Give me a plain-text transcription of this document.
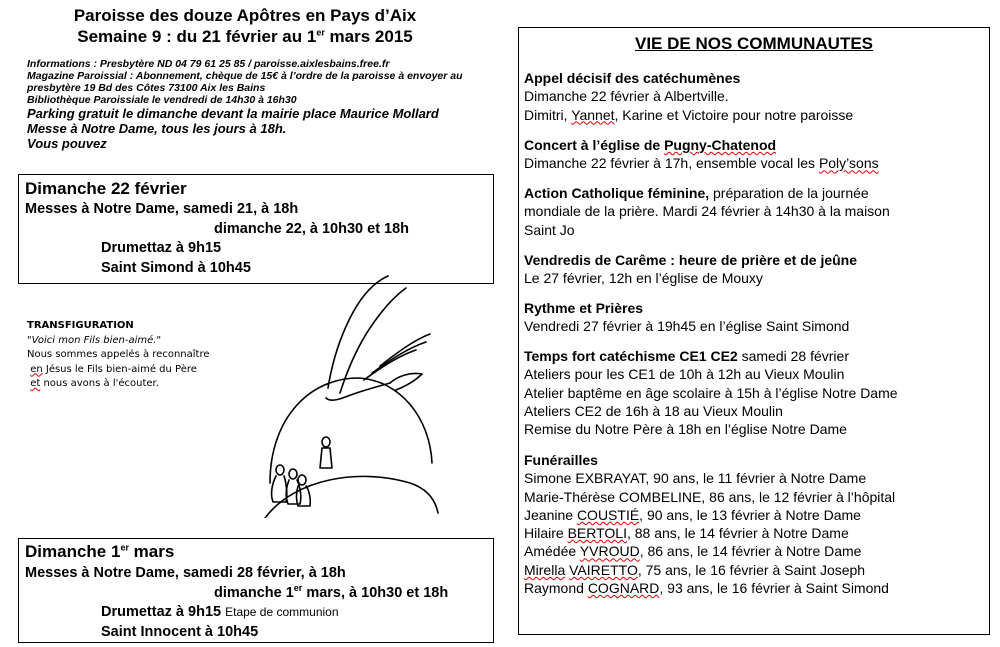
Paroisse des douze Apôtres en Pays d’Aix
Semaine 9 : du 21 février au 1er mars 2015
Informations : Presbytère ND 04 79 61 25 85 / paroisse.aixlesbains.free.fr
Magazine Paroissial : Abonnement, chèque de 15€ à l’ordre de la paroisse à envoyer au
presbytère 19 Bd des Côtes 73100 Aix les Bains
Bibliothèque Paroissiale le vendredi de 14h30 à 16h30
Parking gratuit le dimanche devant la mairie place Maurice Mollard
Messe à Notre Dame, tous les jours à 18h.
Vous pouvez
Dimanche 22 février
Messes à Notre Dame, samedi 21, à 18h
dimanche 22, à 10h30 et 18h
Drumettaz à 9h15
Saint Simond à 10h45
TRANSFIGURATION
"Voici mon Fils bien-aimé."
Nous sommes appelés à reconnaître
en Jésus le Fils bien-aimé du Père
et nous avons à l'écouter.
Dimanche 1er mars
Messes à Notre Dame, samedi 28 février, à 18h
dimanche 1er mars, à 10h30 et 18h
Drumettaz à 9h15 Etape de communion
Saint Innocent à 10h45
VIE DE NOS COMMUNAUTES
Appel décisif des catéchumènes
Dimanche 22 février à Albertville.
Dimitri, Yannet, Karine et Victoire pour notre paroisse
Concert à l’église de Pugny-Chatenod
Dimanche 22 février à 17h, ensemble vocal les Poly’sons
Action Catholique féminine, préparation de la journée
mondiale de la prière. Mardi 24 février à 14h30 à la maison
Saint Jo
Vendredis de Carême : heure de prière et de jeûne
Le 27 février, 12h en l’église de Mouxy
Rythme et Prières
Vendredi 27 février à 19h45 en l’église Saint Simond
Temps fort catéchisme CE1 CE2 samedi 28 février
Ateliers pour les CE1 de 10h à 12h au Vieux Moulin
Atelier baptême en âge scolaire à 15h à l’église Notre Dame
Ateliers CE2 de 16h à 18 au Vieux Moulin
Remise du Notre Père à 18h en l’église Notre Dame
Funérailles
Simone EXBRAYAT, 90 ans, le 11 février à Notre Dame
Marie-Thérèse COMBELINE, 86 ans, le 12 février à l’hôpital
Jeanine COUSTIÉ, 90 ans, le 13 février à Notre Dame
Hilaire BERTOLI, 88 ans, le 14 février à Notre Dame
Amédée YVROUD, 86 ans, le 14 février à Notre Dame
Mirella VAIRETTO, 75 ans, le 16 février à Saint Joseph
Raymond COGNARD, 93 ans, le 16 février à Saint Simond
